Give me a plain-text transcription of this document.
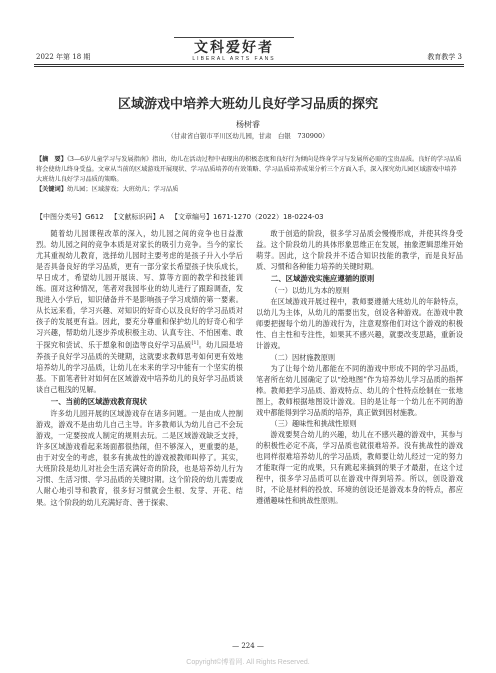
2022 年第 18 期
文科爱好者
LIBERAL ARTS FANS	教育教学 3
区域游戏中培养大班幼儿良好学习品质的探究
杨树睿
（甘肃省白银市平川区幼儿园，甘肃　白银　730900）
【摘　要】《3—6岁儿童学习与发展指南》指出，幼儿在活动过程中表现出的积极态度和良好行为倾向是终身学习与发展所必需的宝贵品质。良好的学习品质将会使幼儿终身受益。文章从当前的区域游戏开展现状、学习品质培养的有效策略、学习品质培养成果分析三个方面入手，深入探究幼儿园区域游戏中培养大班幼儿良好学习品质的策略。
【关键词】幼儿园；区域游戏；大班幼儿；学习品质
【中图分类号】G612 【文献标识码】A 【文章编号】1671-1270（2022）18-0224-03

随着幼儿园课程改革的深入，幼儿园之间的竞争也日益激烈。幼儿园之间的竞争本质是对家长的吸引力竞争。当今的家长尤其重视幼儿教育，选择幼儿园时主要考虑的是孩子升入小学后是否具备良好的学习品质，更有一部分家长希望孩子快乐成长，早日成才，希望幼儿园开展读、写、算等方面的教学和技能训练。面对这种情况，笔者对我园毕业的幼儿进行了跟踪调查，发现进入小学后，知识储备并不是影响孩子学习成绩的第一要素。从长远来看，学习兴趣、对知识的好奇心以及良好的学习品质对孩子的发展更有益。因此，要充分尊重和保护幼儿的好奇心和学习兴趣，帮助幼儿逐步养成积极主动、认真专注、不怕困难、敢于探究和尝试、乐于想象和创造等良好学习品质[1]。幼儿园是培养孩子良好学习品质的关键期，这就要求教师思考如何更有效地培养幼儿的学习品质，让幼儿在未来的学习中能有一个坚实的根基。下面笔者针对如何在区域游戏中培养幼儿的良好学习品质谈谈自己粗浅的见解。

一、当前的区域游戏教育现状

许多幼儿园开展的区域游戏存在诸多问题。一是由成人控制游戏，游戏不是由幼儿自己主导。许多教师认为幼儿自己不会玩游戏，一定要按成人制定的规则去玩。二是区域游戏缺乏支持，许多区域游戏看起来场面都很热闹，但不够深入，更重要的是，由于对安全的考虑，很多有挑战性的游戏被教师叫停了。其实，大班阶段是幼儿对社会生活充满好奇的阶段，也是培养幼儿行为习惯、生活习惯、学习品质的关键时期。这个阶段的幼儿需要成人耐心地引导和教育，很多好习惯就会生根、发芽、开花、结果。这个阶段的幼儿充满好奇、善于探索、

敢于创造的阶段，很多学习品质会慢慢形成，并使其终身受益。这个阶段幼儿的具体形象思维正在发展，抽象逻辑思维开始萌芽。因此，这个阶段并不适合知识技能的教学，而是良好品质、习惯和各种能力培养的关键时期。

二、区域游戏实施应遵循的原则
（一）以幼儿为本的原则

在区域游戏开展过程中，教师要遵循大班幼儿的年龄特点，以幼儿为主体，从幼儿的需要出发，创设各种游戏。在游戏中教师要把握每个幼儿的游戏行为，注意观察他们对这个游戏的积极性、自主性和专注性，如果其不感兴趣，就要改变思路，重新设计游戏。

（二）因材施教原则

为了让每个幼儿都能在不同的游戏中形成不同的学习品质，笔者所在幼儿园确定了以“绘地图”作为培养幼儿学习品质的指挥棒。教师把学习品质、游戏特点、幼儿的个性特点绘制在一张地图上，教师根据地图设计游戏。目的是让每一个幼儿在不同的游戏中都能得到学习品质的培养，真正做到因材施教。

（三）趣味性和挑战性原则

游戏要契合幼儿的兴趣，幼儿在不感兴趣的游戏中，其参与的积极性必定不高，学习品质也就很难培养。没有挑战性的游戏也同样很难培养幼儿的学习品质，教师要让幼儿经过一定的努力才能取得一定的成果，只有跳起来摘到的果子才最甜，在这个过程中，很多学习品质可以在游戏中得到培养。所以，创设游戏时，不论是材料的投放、环境的创设还是游戏本身的特点，都应遵循趣味性和挑战性原则。

— 224 —
Copyright©博看网. All Rights Reserved.
